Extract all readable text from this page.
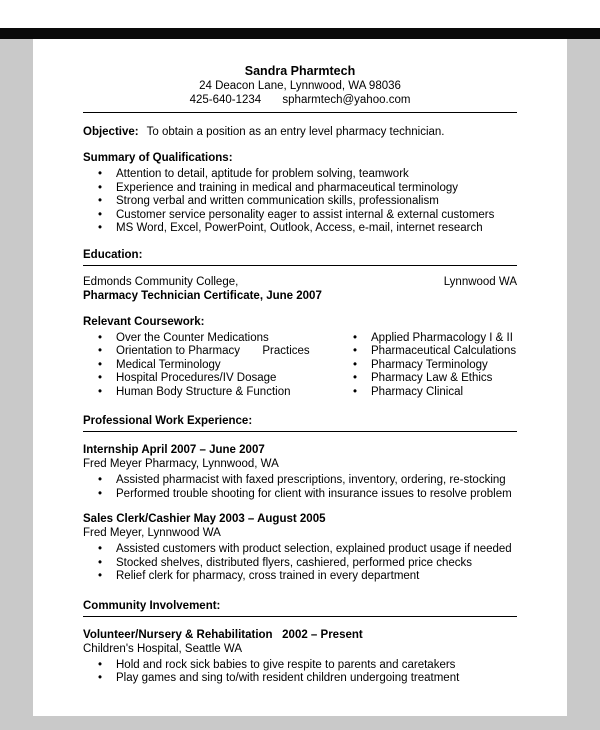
Sandra Pharmtech
24 Deacon Lane, Lynnwood, WA 98036
425-640-1234 spharmtech@yahoo.com
Objective: To obtain a position as an entry level pharmacy technician.
Summary of Qualifications:
•	Attention to detail, aptitude for problem solving, teamwork
•	Experience and training in medical and pharmaceutical terminology
•	Strong verbal and written communication skills, professionalism
•	Customer service personality eager to assist internal & external customers
•	MS Word, Excel, PowerPoint, Outlook, Access, e-mail, internet research
Education:
Edmonds Community College,	Lynnwood WA
Pharmacy Technician Certificate, June 2007
Relevant Coursework:
•	Over the Counter Medications
•	Orientation to Pharmacy       Practices
•	Medical Terminology
•	Hospital Procedures/IV Dosage
•	Human Body Structure & Function
•	Applied Pharmacology I & II
•	Pharmaceutical Calculations
•	Pharmacy Terminology
•	Pharmacy Law & Ethics
•	Pharmacy Clinical
Professional Work Experience:
Internship April 2007 – June 2007
Fred Meyer Pharmacy, Lynnwood, WA
•	Assisted pharmacist with faxed prescriptions, inventory, ordering, re-stocking
•	Performed trouble shooting for client with insurance issues to resolve problem
Sales Clerk/Cashier May 2003 – August 2005
Fred Meyer, Lynnwood WA
•	Assisted customers with product selection, explained product usage if needed
•	Stocked shelves, distributed flyers, cashiered, performed price checks
•	Relief clerk for pharmacy, cross trained in every department
Community Involvement:
Volunteer/Nursery & Rehabilitation   2002 – Present
Children's Hospital, Seattle WA
•	Hold and rock sick babies to give respite to parents and caretakers
•	Play games and sing to/with resident children undergoing treatment
